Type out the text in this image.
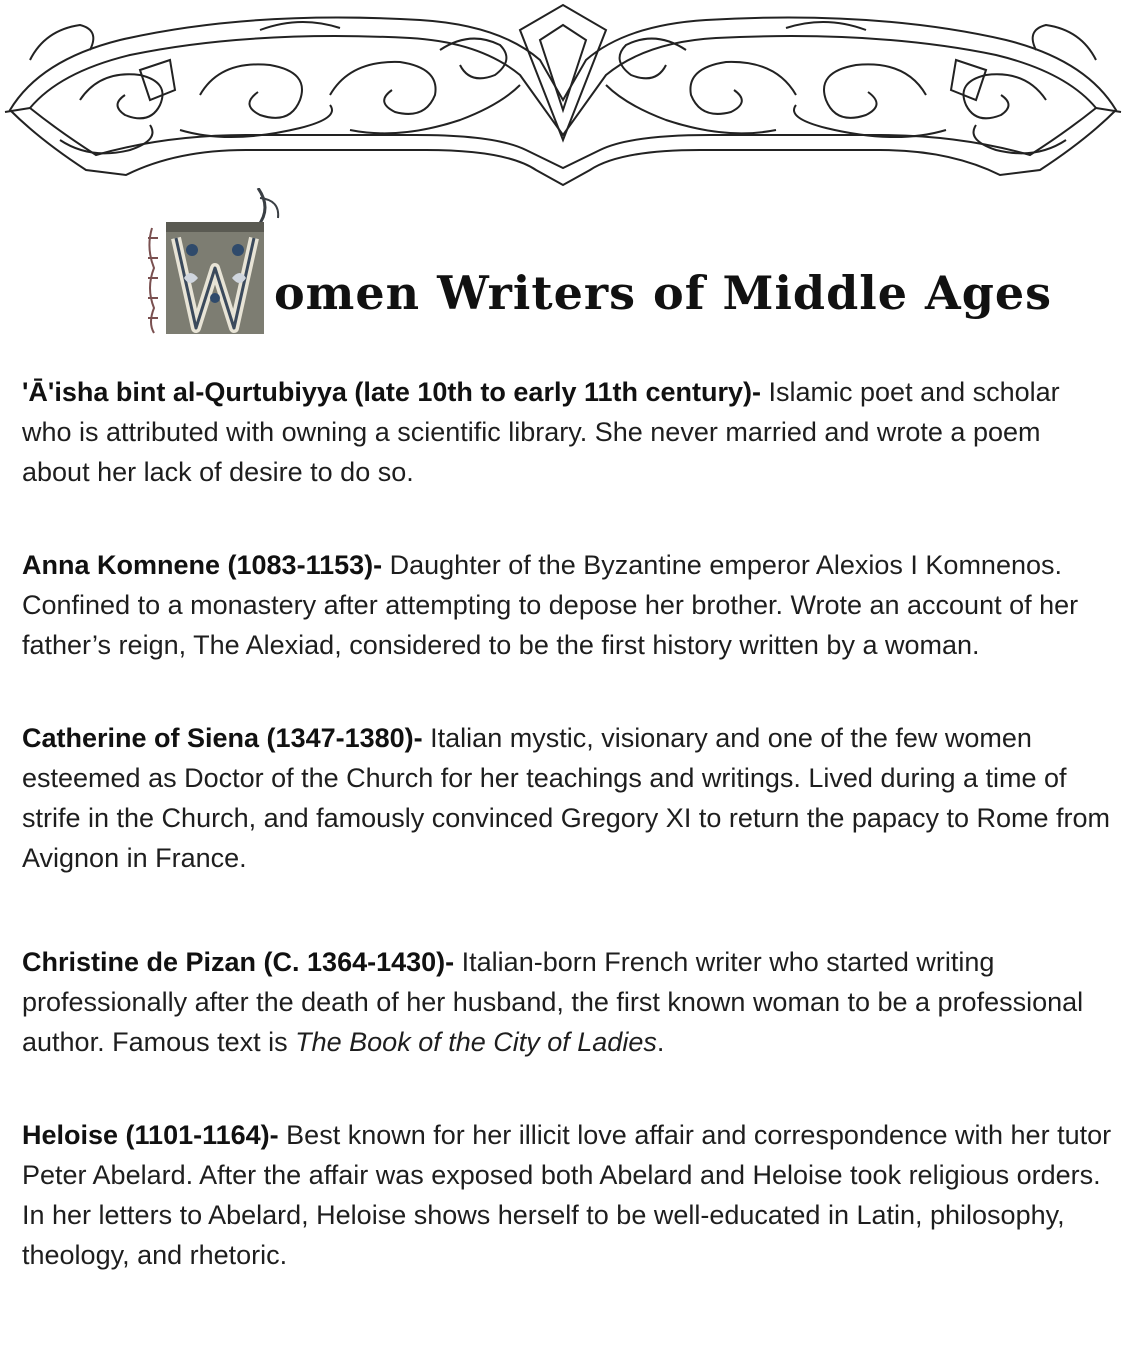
omen Writers of Middle Ages

'Ā'isha bint al-Qurtubiyya (late 10th to early 11th century)- Islamic poet and scholar who is attributed with owning a scientific library. She never married and wrote a poem about her lack of desire to do so.

Anna Komnene (1083-1153)- Daughter of the Byzantine emperor Alexios I Komnenos. Confined to a monastery after attempting to depose her brother. Wrote an account of her father’s reign, The Alexiad, considered to be the first history written by a woman.

Catherine of Siena (1347-1380)- Italian mystic, visionary and one of the few women esteemed as Doctor of the Church for her teachings and writings. Lived during a time of strife in the Church, and famously convinced Gregory XI to return the papacy to Rome from Avignon in France.

Christine de Pizan (C. 1364-1430)- Italian-born French writer who started writing professionally after the death of her husband, the first known woman to be a professional author. Famous text is The Book of the City of Ladies.

Heloise (1101-1164)- Best known for her illicit love affair and correspondence with her tutor Peter Abelard. After the affair was exposed both Abelard and Heloise took religious orders. In her letters to Abelard, Heloise shows herself to be well-educated in Latin, philosophy, theology, and rhetoric.
